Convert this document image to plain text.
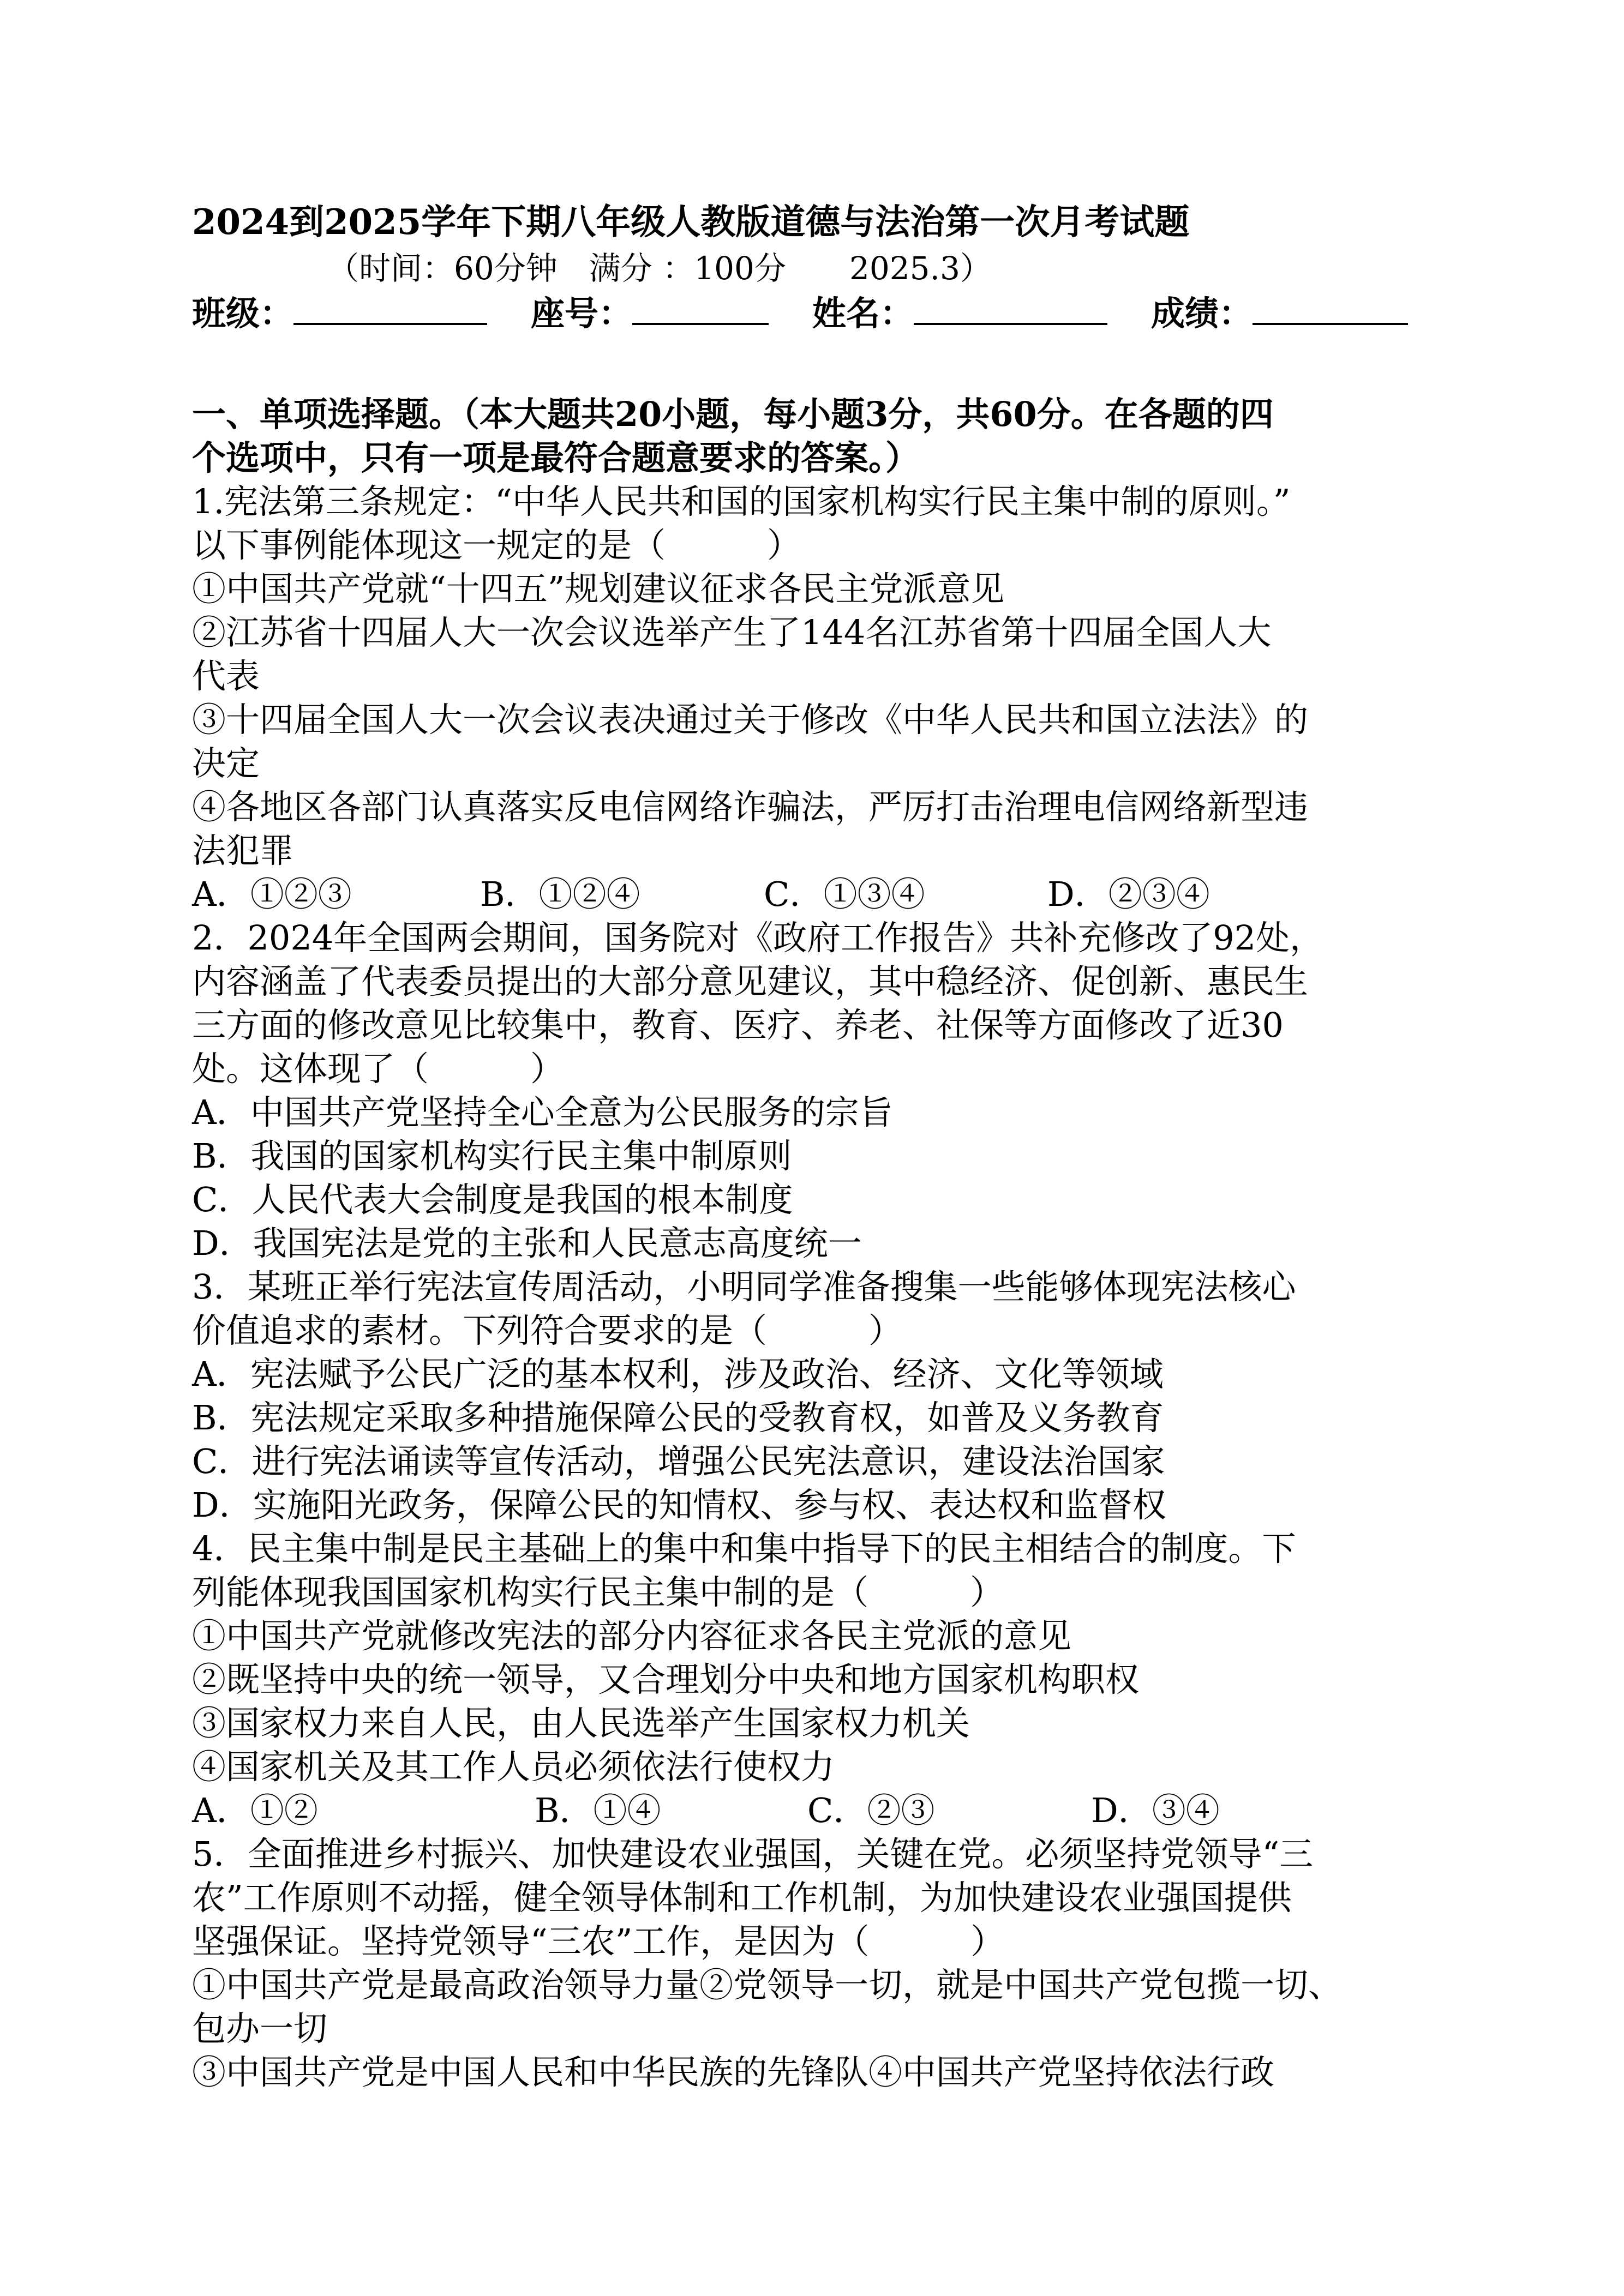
2024到2025学年下期八年级人教版道德与法治第一次月考试题
（时间：60分钟　满分 ：100分　　2025.3）
班级：	座号：	姓名：	成绩：
一、单项选择题。（本大题共20小题，每小题3分，共60分。在各题的四
个选项中，只有一项是最符合题意要求的答案。）
1.宪法第三条规定：“中华人民共和国的国家机构实行民主集中制的原则。”
以下事例能体现这一规定的是（　　　）
①中国共产党就“十四五”规划建议征求各民主党派意见
②江苏省十四届人大一次会议选举产生了144名江苏省第十四届全国人大
代表
③十四届全国人大一次会议表决通过关于修改《中华人民共和国立法法》的
决定
④各地区各部门认真落实反电信网络诈骗法，严厉打击治理电信网络新型违
法犯罪
A．①②③	B．①②④	C．①③④	D．②③④
2．2024年全国两会期间，国务院对《政府工作报告》共补充修改了92处，
内容涵盖了代表委员提出的大部分意见建议，其中稳经济、促创新、惠民生
三方面的修改意见比较集中，教育、医疗、养老、社保等方面修改了近30
处。这体现了（　　　）
A．中国共产党坚持全心全意为公民服务的宗旨
B．我国的国家机构实行民主集中制原则
C．人民代表大会制度是我国的根本制度
D．我国宪法是党的主张和人民意志高度统一
3．某班正举行宪法宣传周活动，小明同学准备搜集一些能够体现宪法核心
价值追求的素材。下列符合要求的是（　　　）
A．宪法赋予公民广泛的基本权利，涉及政治、经济、文化等领域
B．宪法规定采取多种措施保障公民的受教育权，如普及义务教育
C．进行宪法诵读等宣传活动，增强公民宪法意识，建设法治国家
D．实施阳光政务，保障公民的知情权、参与权、表达权和监督权
4．民主集中制是民主基础上的集中和集中指导下的民主相结合的制度。下
列能体现我国国家机构实行民主集中制的是（　　　）
①中国共产党就修改宪法的部分内容征求各民主党派的意见
②既坚持中央的统一领导，又合理划分中央和地方国家机构职权
③国家权力来自人民，由人民选举产生国家权力机关
④国家机关及其工作人员必须依法行使权力
A．①②	B．①④	C．②③	D．③④
5．全面推进乡村振兴、加快建设农业强国，关键在党。必须坚持党领导“三
农”工作原则不动摇，健全领导体制和工作机制，为加快建设农业强国提供
坚强保证。坚持党领导“三农”工作，是因为（　　　）
①中国共产党是最高政治领导力量②党领导一切，就是中国共产党包揽一切、
包办一切
③中国共产党是中国人民和中华民族的先锋队④中国共产党坚持依法行政
